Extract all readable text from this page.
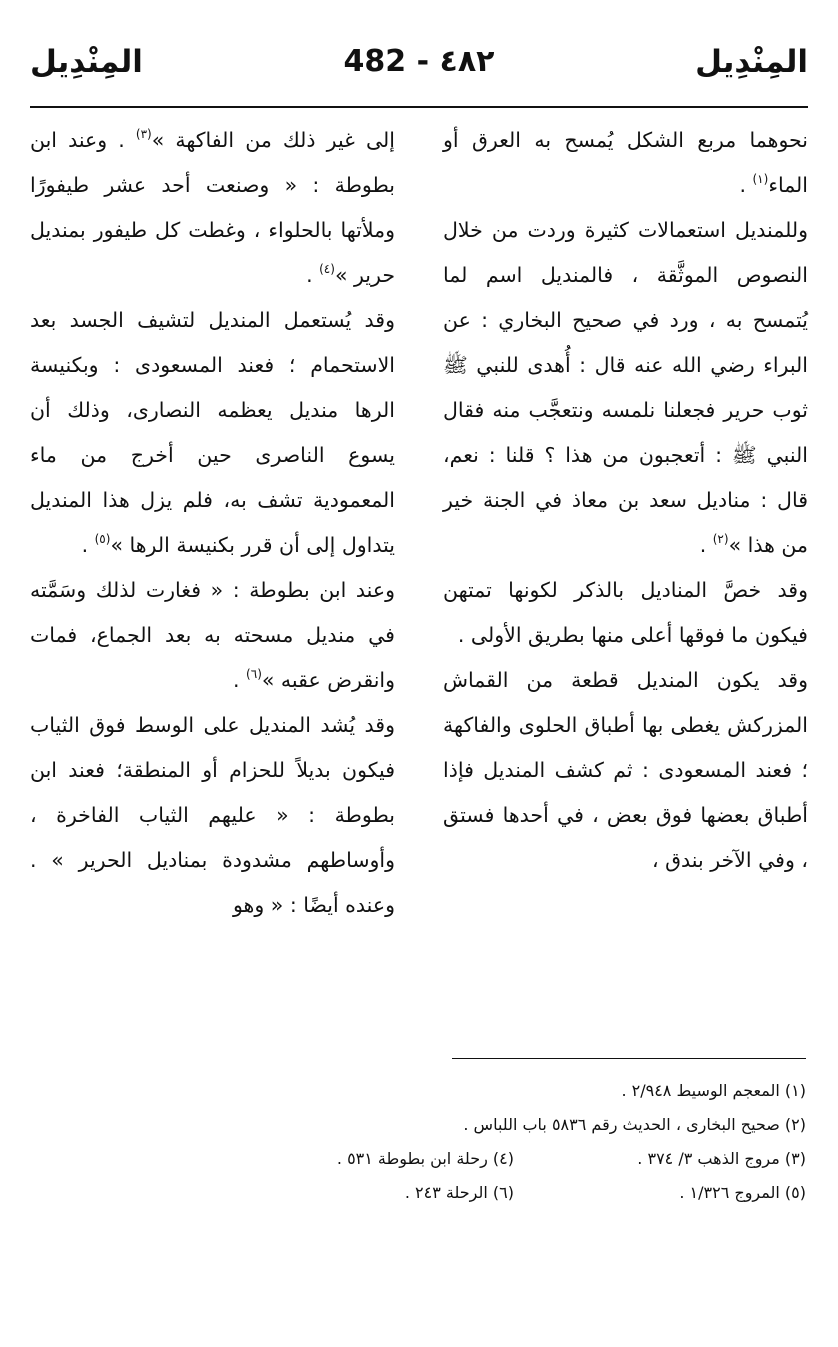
المِنْدِيل
482 - ٤٨٢
المِنْدِيل

نحوهما مربع الشكل يُمسح به العرق أو الماء$^{(١)}$ .

وللمنديل استعمالات كثيرة وردت من خلال النصوص الموثَّقة ، فالمنديل اسم لما يُتمسح به ، ورد في صحيح البخاري : عن البراء رضي الله عنه قال : أُهدى للنبي ﷺ ثوب حرير فجعلنا نلمسه ونتعجَّب منه فقال النبي ﷺ : أتعجبون من هذا ؟ قلنا : نعم، قال : مناديل سعد بن معاذ في الجنة خير من هذا »$^{(٢)}$ .

وقد خصَّ المناديل بالذكر لكونها تمتهن فيكون ما فوقها أعلى منها بطريق الأولى .

وقد يكون المنديل قطعة من القماش المزركش يغطى بها أطباق الحلوى والفاكهة ؛ فعند المسعودى : ثم كشف المنديل فإذا أطباق بعضها فوق بعض ، في أحدها فستق ، وفي الآخر بندق ،

إلى غير ذلك من الفاكهة »$^{(٣)}$ . وعند ابن بطوطة : « وصنعت أحد عشر طيفورًا وملأتها بالحلواء ، وغطت كل طيفور بمنديل حرير »$^{(٤)}$ .

وقد يُستعمل المنديل لتشيف الجسد بعد الاستحمام ؛ فعند المسعودى : وبكنيسة الرها منديل يعظمه النصارى، وذلك أن يسوع الناصرى حين أخرج من ماء المعمودية تشف به، فلم يزل هذا المنديل يتداول إلى أن قرر بكنيسة الرها »$^{(٥)}$ .

وعند ابن بطوطة : « فغارت لذلك وسَمَّته في منديل مسحته به بعد الجماع، فمات وانقرض عقبه »$^{(٦)}$ .

وقد يُشد المنديل على الوسط فوق الثياب فيكون بديلاً للحزام أو المنطقة؛ فعند ابن بطوطة : « عليهم الثياب الفاخرة ، وأوساطهم مشدودة بمناديل الحرير » . وعنده أيضًا : « وهو

(١) المعجم الوسيط ٢/٩٤٨ .
(٢) صحيح البخارى ، الحديث رقم ٥٨٣٦ باب اللباس .
(٣) مروج الذهب ٣/ ٣٧٤ .
(٤) رحلة ابن بطوطة ٥٣١ .
(٥) المروج ١/٣٢٦ .
(٦) الرحلة ٢٤٣ .
